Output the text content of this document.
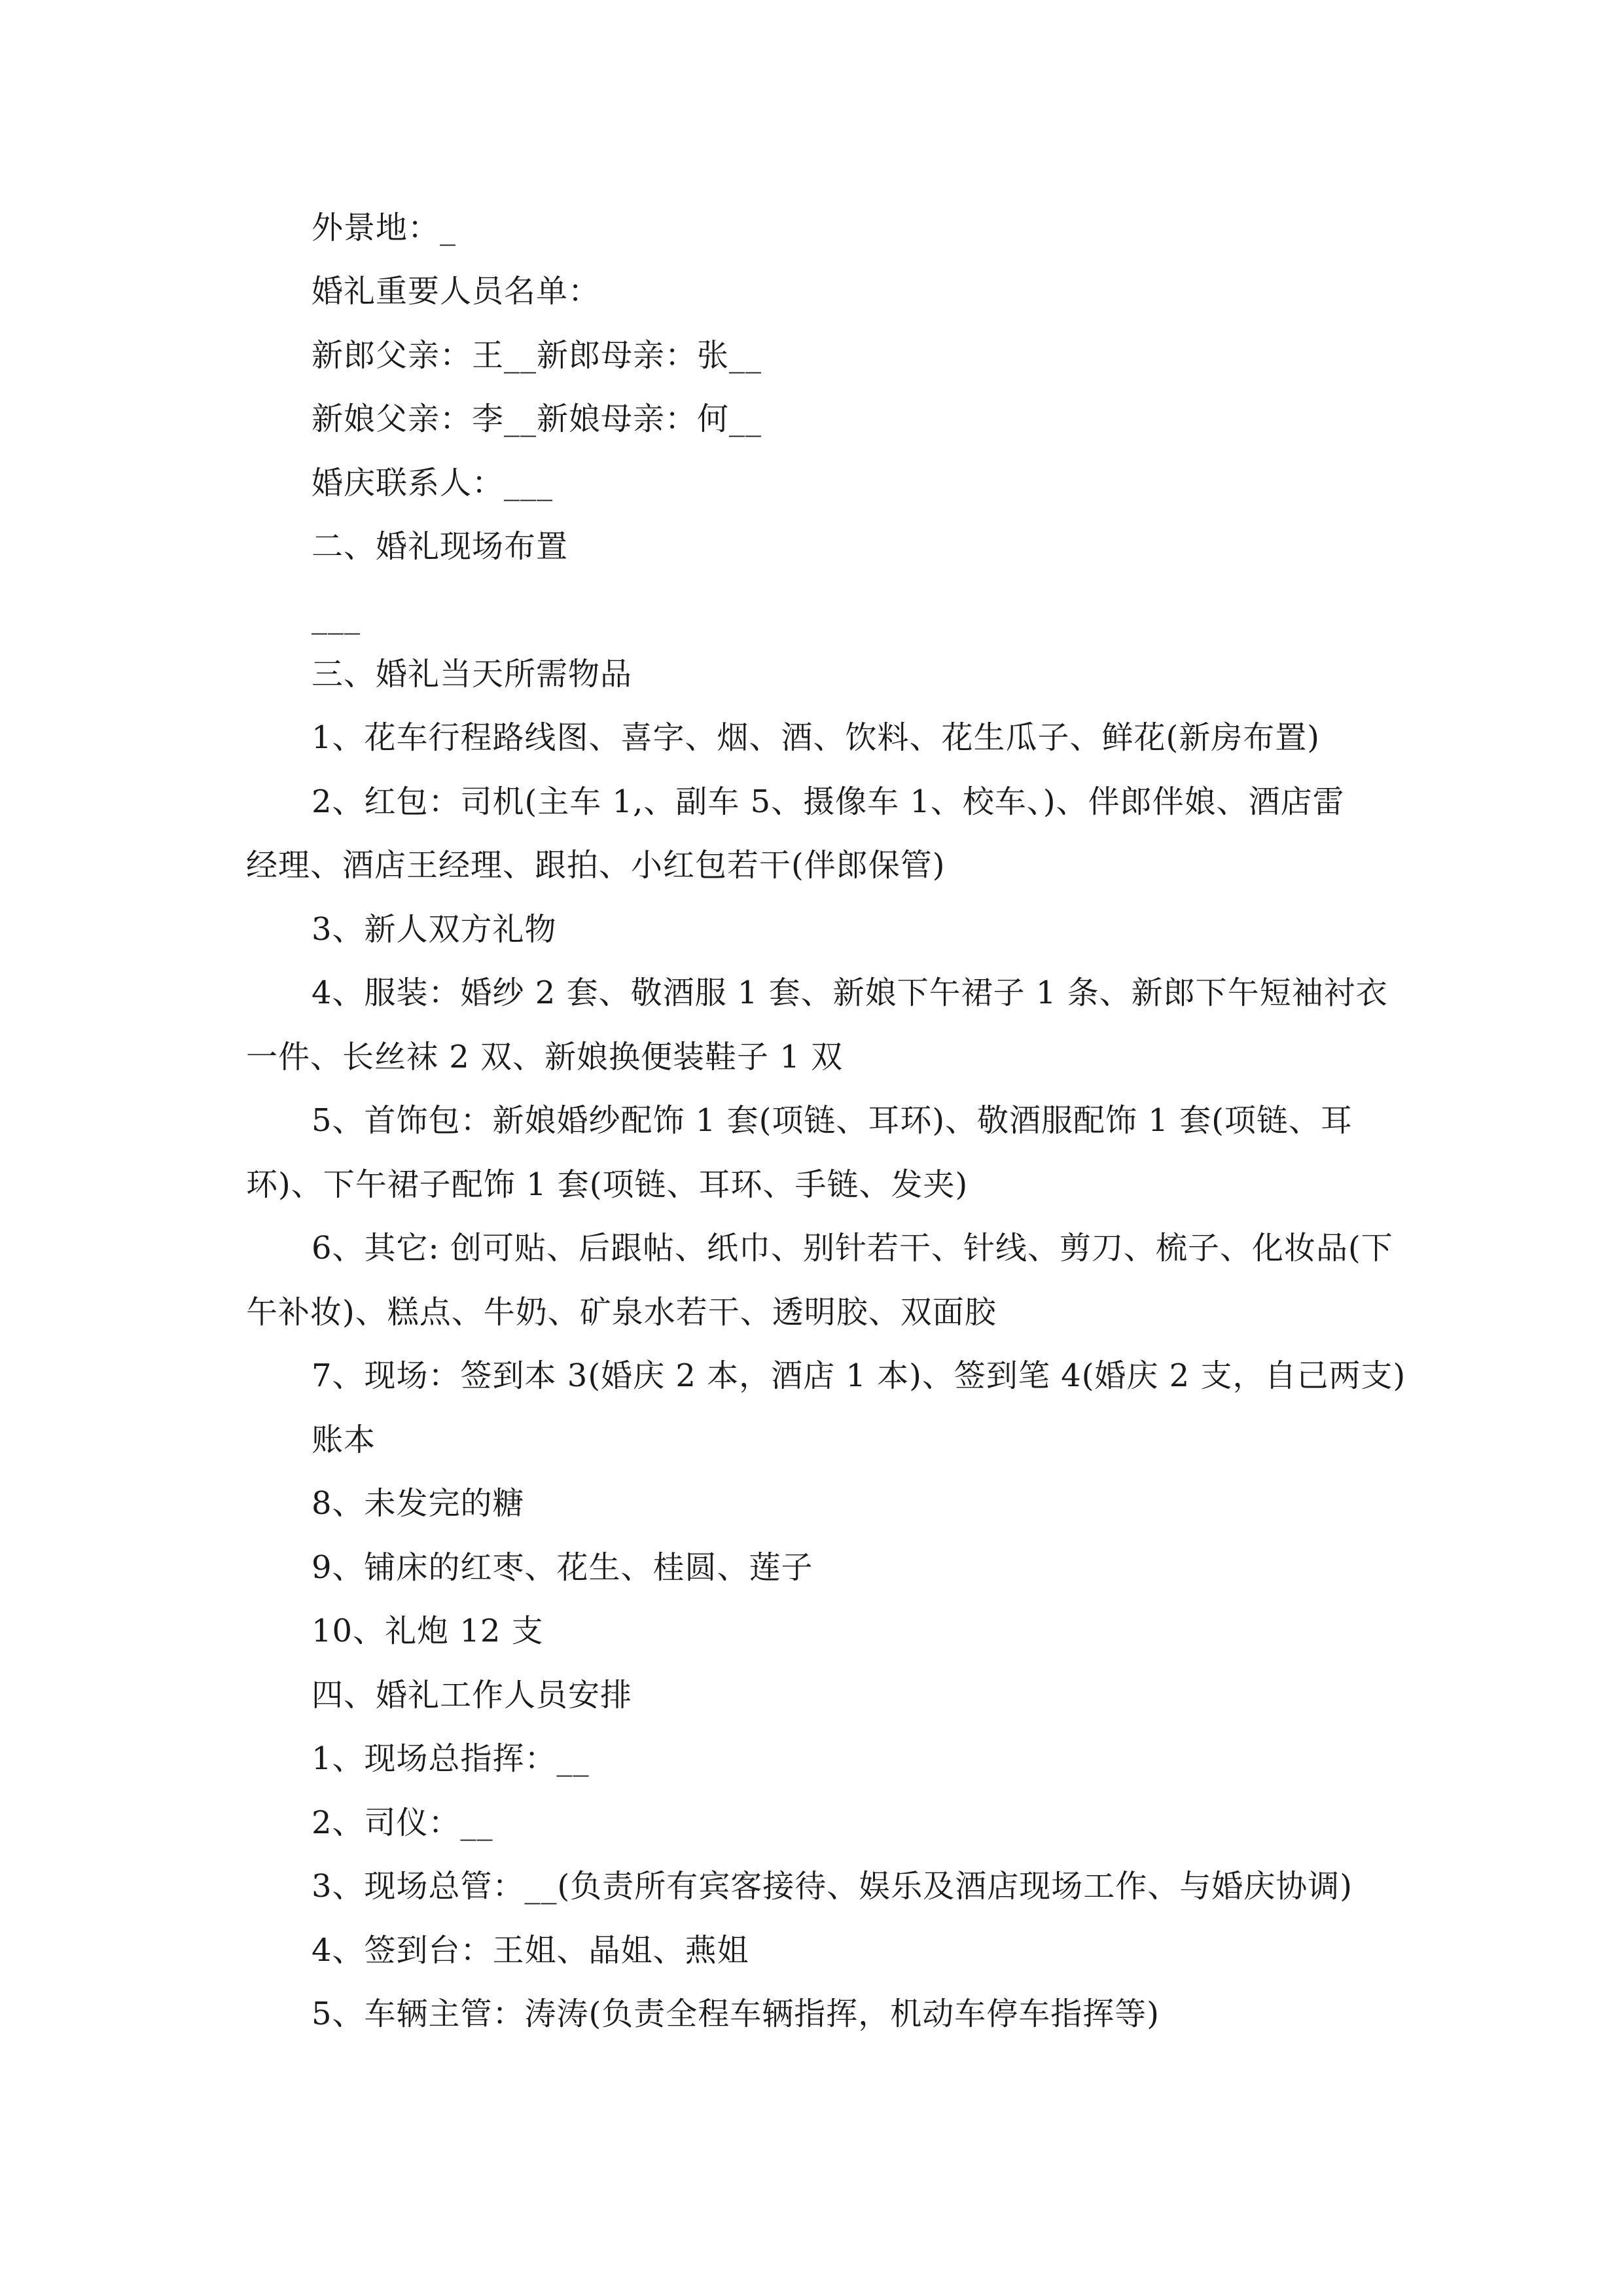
外景地：_
婚礼重要人员名单：
新郎父亲：王__新郎母亲：张__
新娘父亲：李__新娘母亲：何__
婚庆联系人：___
二、婚礼现场布置
___
三、婚礼当天所需物品
1、花车行程路线图、喜字、烟、酒、饮料、花生瓜子、鲜花(新房布置)
2、红包：司机(主车 1,、副车 5、摄像车 1、校车、)、伴郎伴娘、酒店雷
经理、酒店王经理、跟拍、小红包若干(伴郎保管)
3、新人双方礼物
4、服装：婚纱 2 套、敬酒服 1 套、新娘下午裙子 1 条、新郎下午短袖衬衣
一件、长丝袜 2 双、新娘换便装鞋子 1 双
5、首饰包：新娘婚纱配饰 1 套(项链、耳环)、敬酒服配饰 1 套(项链、耳
环)、下午裙子配饰 1 套(项链、耳环、手链、发夹)
6、其它: 创可贴、后跟帖、纸巾、别针若干、针线、剪刀、梳子、化妆品(下
午补妆)、糕点、牛奶、矿泉水若干、透明胶、双面胶
7、现场：签到本 3(婚庆 2 本，酒店 1 本)、签到笔 4(婚庆 2 支，自己两支)
账本
8、未发完的糖
9、铺床的红枣、花生、桂圆、莲子
10、礼炮 12 支
四、婚礼工作人员安排
1、现场总指挥：__
2、司仪：__
3、现场总管：__(负责所有宾客接待、娱乐及酒店现场工作、与婚庆协调)
4、签到台：王姐、晶姐、燕姐
5、车辆主管：涛涛(负责全程车辆指挥，机动车停车指挥等)
